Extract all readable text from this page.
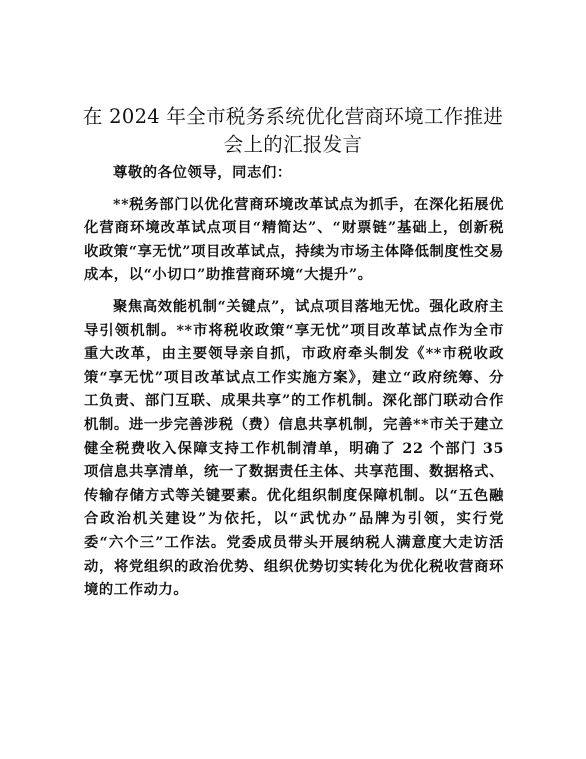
在 2024 年全市税务系统优化营商环境工作推进
会上的汇报发言

尊敬的各位领导，同志们：

**税务部门以优化营商环境改革试点为抓手，在深化拓展优化营商环境改革试点项目“精简达”、“财票链”基础上，创新税收政策“享无忧”项目改革试点，持续为市场主体降低制度性交易成本，以“小切口”助推营商环境“大提升”。

聚焦高效能机制“关键点”，试点项目落地无忧。强化政府主导引领机制。**市将税收政策“享无忧”项目改革试点作为全市重大改革，由主要领导亲自抓，市政府牵头制发《**市税收政策“享无忧”项目改革试点工作实施方案》，建立“政府统筹、分工负责、部门互联、成果共享”的工作机制。深化部门联动合作机制。进一步完善涉税（费）信息共享机制，完善**市关于建立健全税费收入保障支持工作机制清单，明确了 22 个部门 35 项信息共享清单，统一了数据责任主体、共享范围、数据格式、传输存储方式等关键要素。优化组织制度保障机制。以“五色融合政治机关建设”为依托，以“武忧办”品牌为引领，实行党委“六个三”工作法。党委成员带头开展纳税人满意度大走访活动，将党组织的政治优势、组织优势切实转化为优化税收营商环境的工作动力。
